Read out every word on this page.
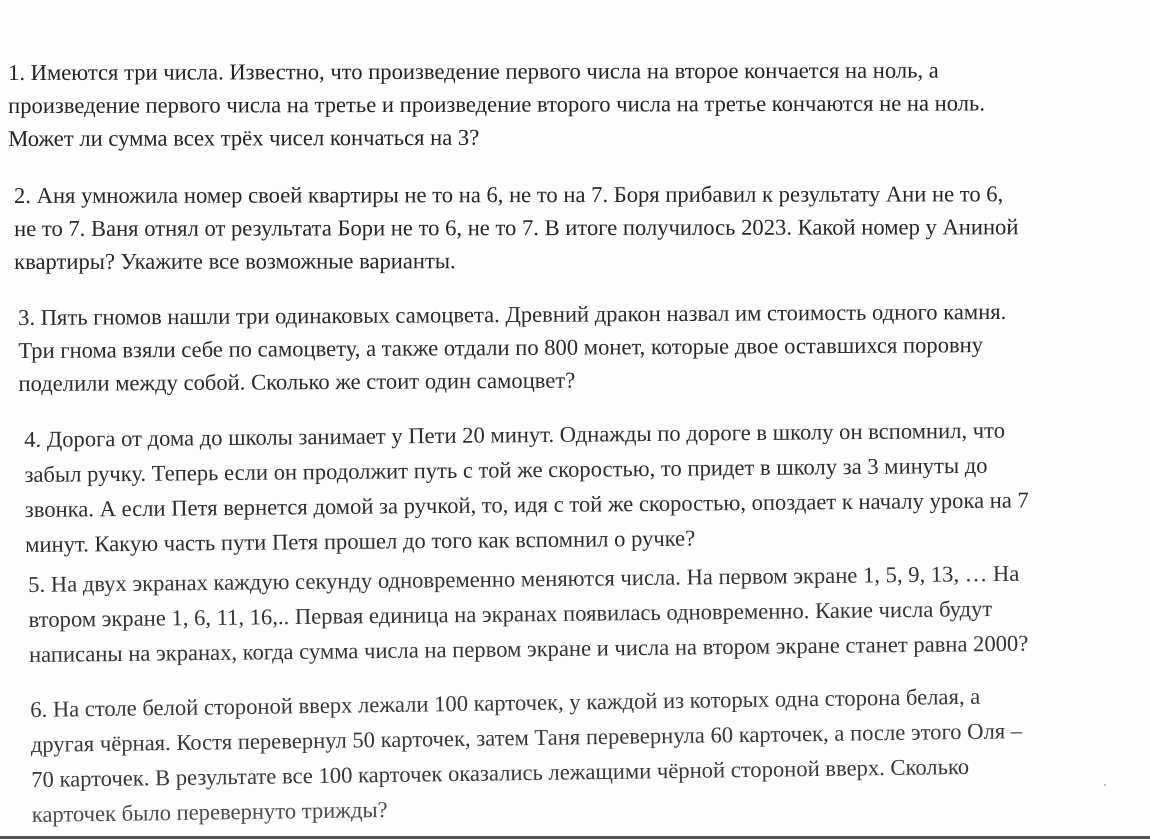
1. Имеются три числа. Известно, что произведение первого числа на второе кончается на ноль, а
произведение первого числа на третье и произведение второго числа на третье кончаются не на ноль.
Может ли сумма всех трёх чисел кончаться на 3?
2. Аня умножила номер своей квартиры не то на 6, не то на 7. Боря прибавил к результату Ани не то 6,
не то 7. Ваня отнял от результата Бори не то 6, не то 7. В итоге получилось 2023. Какой номер у Аниной
квартиры? Укажите все возможные варианты.
3. Пять гномов нашли три одинаковых самоцвета. Древний дракон назвал им стоимость одного камня.
Три гнома взяли себе по самоцвету, а также отдали по 800 монет, которые двое оставшихся поровну
поделили между собой. Сколько же стоит один самоцвет?
4. Дорога от дома до школы занимает у Пети 20 минут. Однажды по дороге в школу он вспомнил, что
забыл ручку. Теперь если он продолжит путь с той же скоростью, то придет в школу за 3 минуты до
звонка. А если Петя вернется домой за ручкой, то, идя с той же скоростью, опоздает к началу урока на 7
минут. Какую часть пути Петя прошел до того как вспомнил о ручке?
5. На двух экранах каждую секунду одновременно меняются числа. На первом экране 1, 5, 9, 13, … На
втором экране 1, 6, 11, 16,.. Первая единица на экранах появилась одновременно. Какие числа будут
написаны на экранах, когда сумма числа на первом экране и числа на втором экране станет равна 2000?
6. На столе белой стороной вверх лежали 100 карточек, у каждой из которых одна сторона белая, а
другая чёрная. Костя перевернул 50 карточек, затем Таня перевернула 60 карточек, а после этого Оля –
70 карточек. В результате все 100 карточек оказались лежащими чёрной стороной вверх. Сколько
карточек было перевернуто трижды?
